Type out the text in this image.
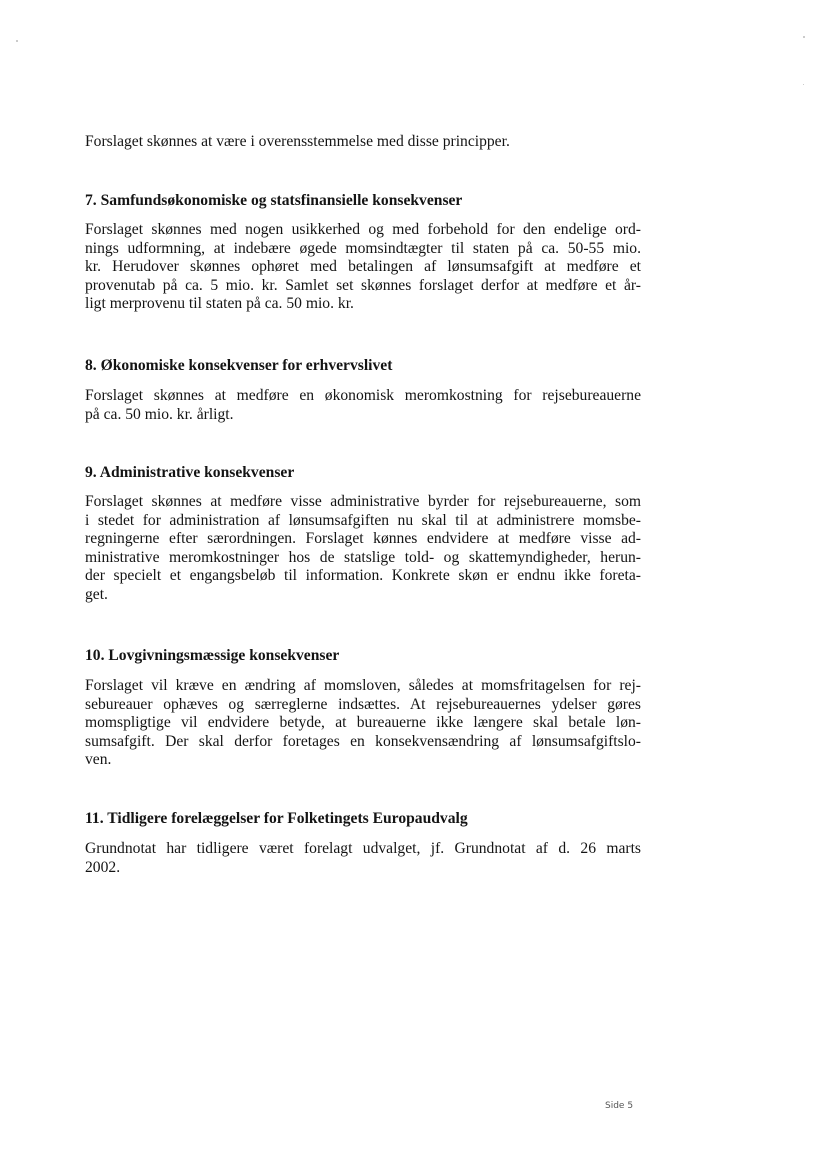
Forslaget skønnes at være i overensstemmelse med disse principper.
7. Samfundsøkonomiske og statsfinansielle konsekvenser
Forslaget skønnes med nogen usikkerhed og med forbehold for den endelige ord-
nings udformning, at indebære øgede momsindtægter til staten på ca. 50-55 mio.
kr. Herudover skønnes ophøret med betalingen af lønsumsafgift at medføre et
provenutab på ca. 5 mio. kr. Samlet set skønnes forslaget derfor at medføre et år-
ligt merprovenu til staten på ca. 50 mio. kr.
8. Økonomiske konsekvenser for erhvervslivet
Forslaget skønnes at medføre en økonomisk meromkostning for rejsebureauerne
på ca. 50 mio. kr. årligt.
9. Administrative konsekvenser
Forslaget skønnes at medføre visse administrative byrder for rejsebureauerne, som
i stedet for administration af lønsumsafgiften nu skal til at administrere momsbe-
regningerne efter særordningen. Forslaget kønnes endvidere at medføre visse ad-
ministrative meromkostninger hos de statslige told- og skattemyndigheder, herun-
der specielt et engangsbeløb til information. Konkrete skøn er endnu ikke foreta-
get.
10. Lovgivningsmæssige konsekvenser
Forslaget vil kræve en ændring af momsloven, således at momsfritagelsen for rej-
sebureauer ophæves og særreglerne indsættes. At rejsebureauernes ydelser gøres
momspligtige vil endvidere betyde, at bureauerne ikke længere skal betale løn-
sumsafgift. Der skal derfor foretages en konsekvensændring af lønsumsafgiftslo-
ven.
11. Tidligere forelæggelser for Folketingets Europaudvalg
Grundnotat har tidligere været forelagt udvalget, jf. Grundnotat af d. 26 marts
2002.
Side 5
